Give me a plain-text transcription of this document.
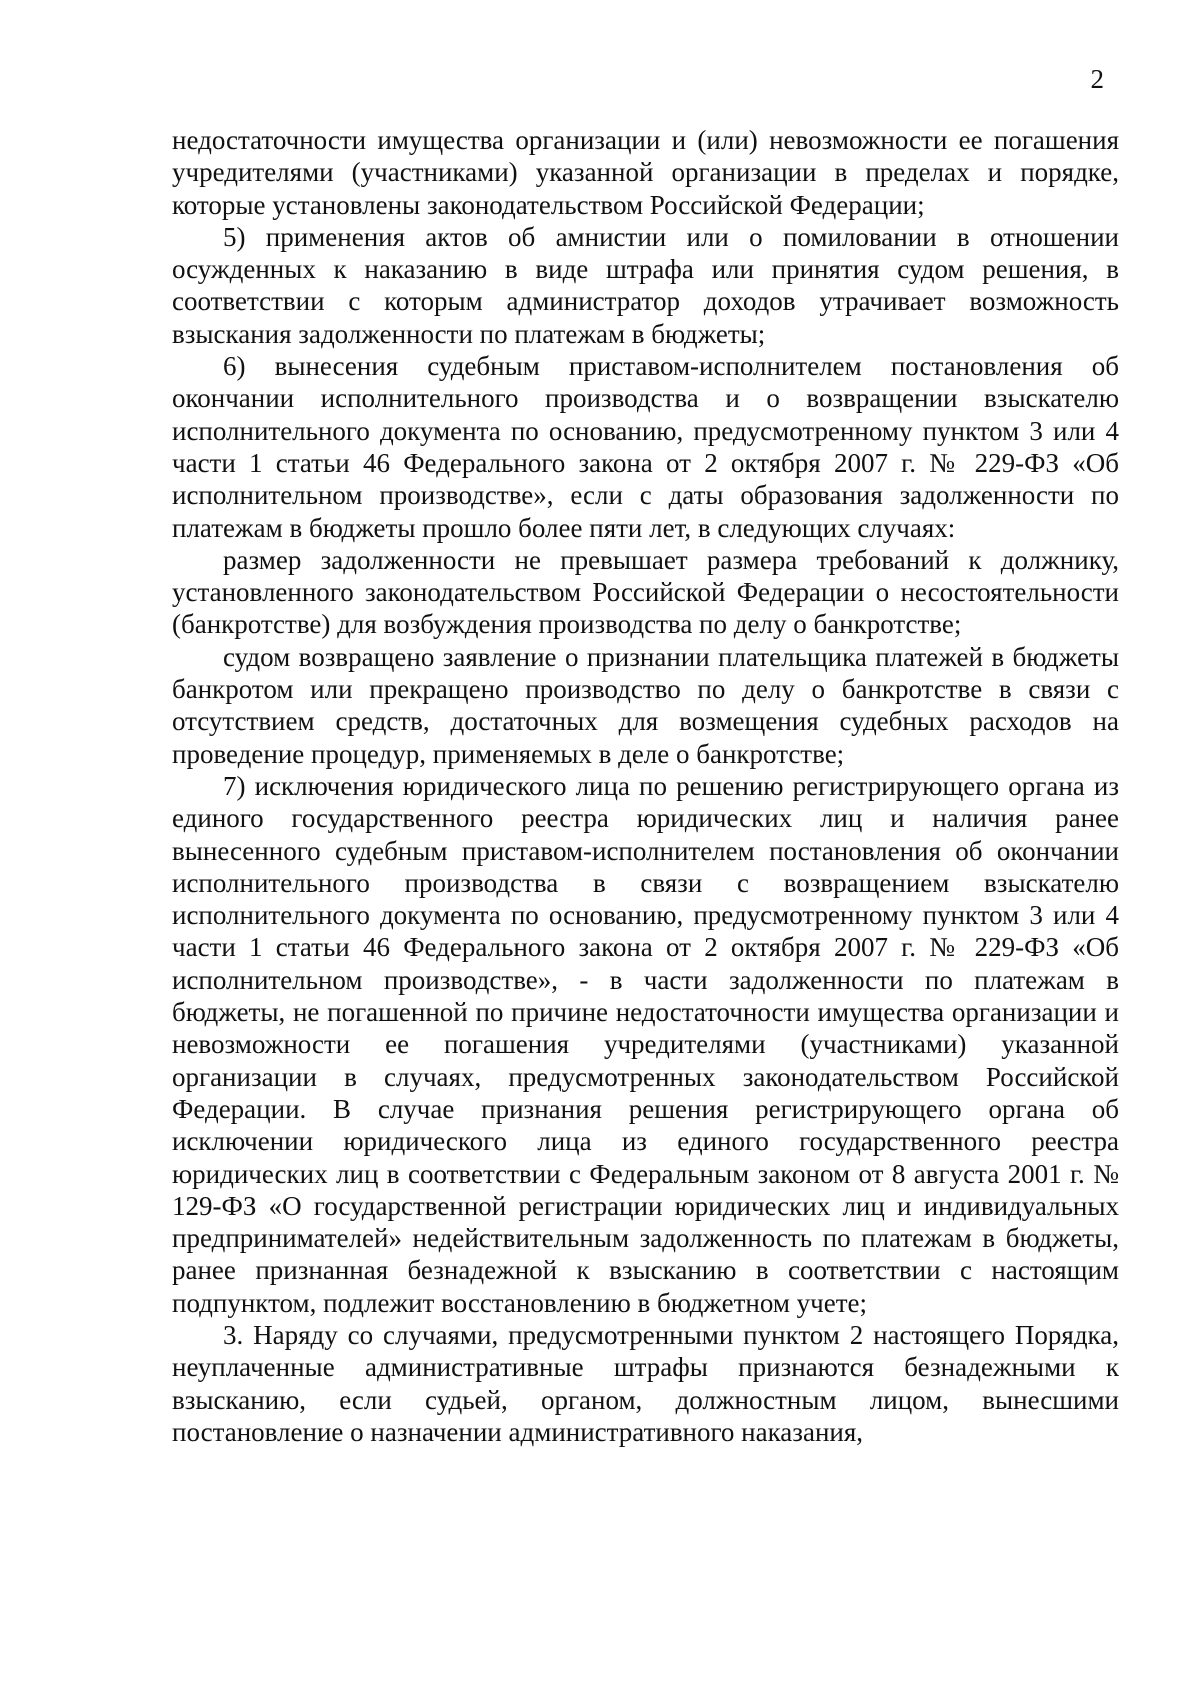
2

недостаточности имущества организации и (или) невозможности ее погашения учредителями (участниками) указанной организации в пределах и порядке, которые установлены законодательством Российской Федерации;

5) применения актов об амнистии или о помиловании в отношении осужденных к наказанию в виде штрафа или принятия судом решения, в соответствии с которым администратор доходов утрачивает возможность взыскания задолженности по платежам в бюджеты;

6) вынесения судебным приставом-исполнителем постановления об окончании исполнительного производства и о возвращении взыскателю исполнительного документа по основанию, предусмотренному пунктом 3 или 4 части 1 статьи 46 Федерального закона от 2 октября 2007 г. № 229-ФЗ «Об исполнительном производстве», если с даты образования задолженности по платежам в бюджеты прошло более пяти лет, в следующих случаях:

размер задолженности не превышает размера требований к должнику, установленного законодательством Российской Федерации о несостоятельности (банкротстве) для возбуждения производства по делу о банкротстве;

судом возвращено заявление о признании плательщика платежей в бюджеты банкротом или прекращено производство по делу о банкротстве в связи с отсутствием средств, достаточных для возмещения судебных расходов на проведение процедур, применяемых в деле о банкротстве;

7) исключения юридического лица по решению регистрирующего органа из единого государственного реестра юридических лиц и наличия ранее вынесенного судебным приставом-исполнителем постановления об окончании исполнительного производства в связи с возвращением взыскателю исполнительного документа по основанию, предусмотренному пунктом 3 или 4 части 1 статьи 46 Федерального закона от 2 октября 2007 г. № 229-ФЗ «Об исполнительном производстве», - в части задолженности по платежам в бюджеты, не погашенной по причине недостаточности имущества организации и невозможности ее погашения учредителями (участниками) указанной организации в случаях, предусмотренных законодательством Российской Федерации. В случае признания решения регистрирующего органа об исключении юридического лица из единого государственного реестра юридических лиц в соответствии с Федеральным законом от 8 августа 2001 г. № 129-ФЗ «О государственной регистрации юридических лиц и индивидуальных предпринимателей» недействительным задолженность по платежам в бюджеты, ранее признанная безнадежной к взысканию в соответствии с настоящим подпунктом, подлежит восстановлению в бюджетном учете;

3. Наряду со случаями, предусмотренными пунктом 2 настоящего Порядка, неуплаченные административные штрафы признаются безнадежными к взысканию, если судьей, органом, должностным лицом, вынесшими постановление о назначении административного наказания,
